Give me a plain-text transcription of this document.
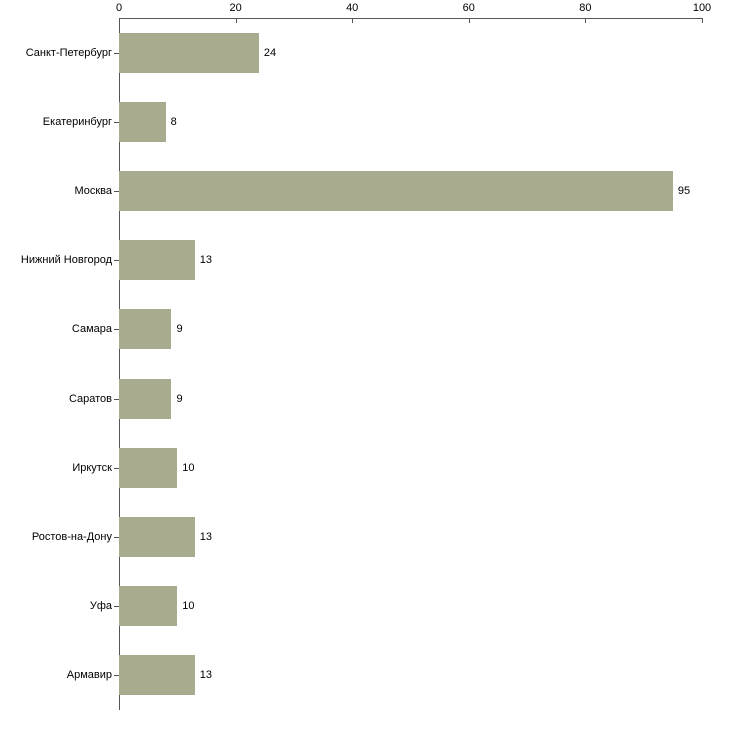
0	20	40	60	80	100
24
Санкт-Петербург
8
Екатеринбург
95
Москва
13
Нижний Новгород
9
Самара
9
Саратов
10
Иркутск
13
Ростов-на-Дону
10
Уфа
13
Армавир
